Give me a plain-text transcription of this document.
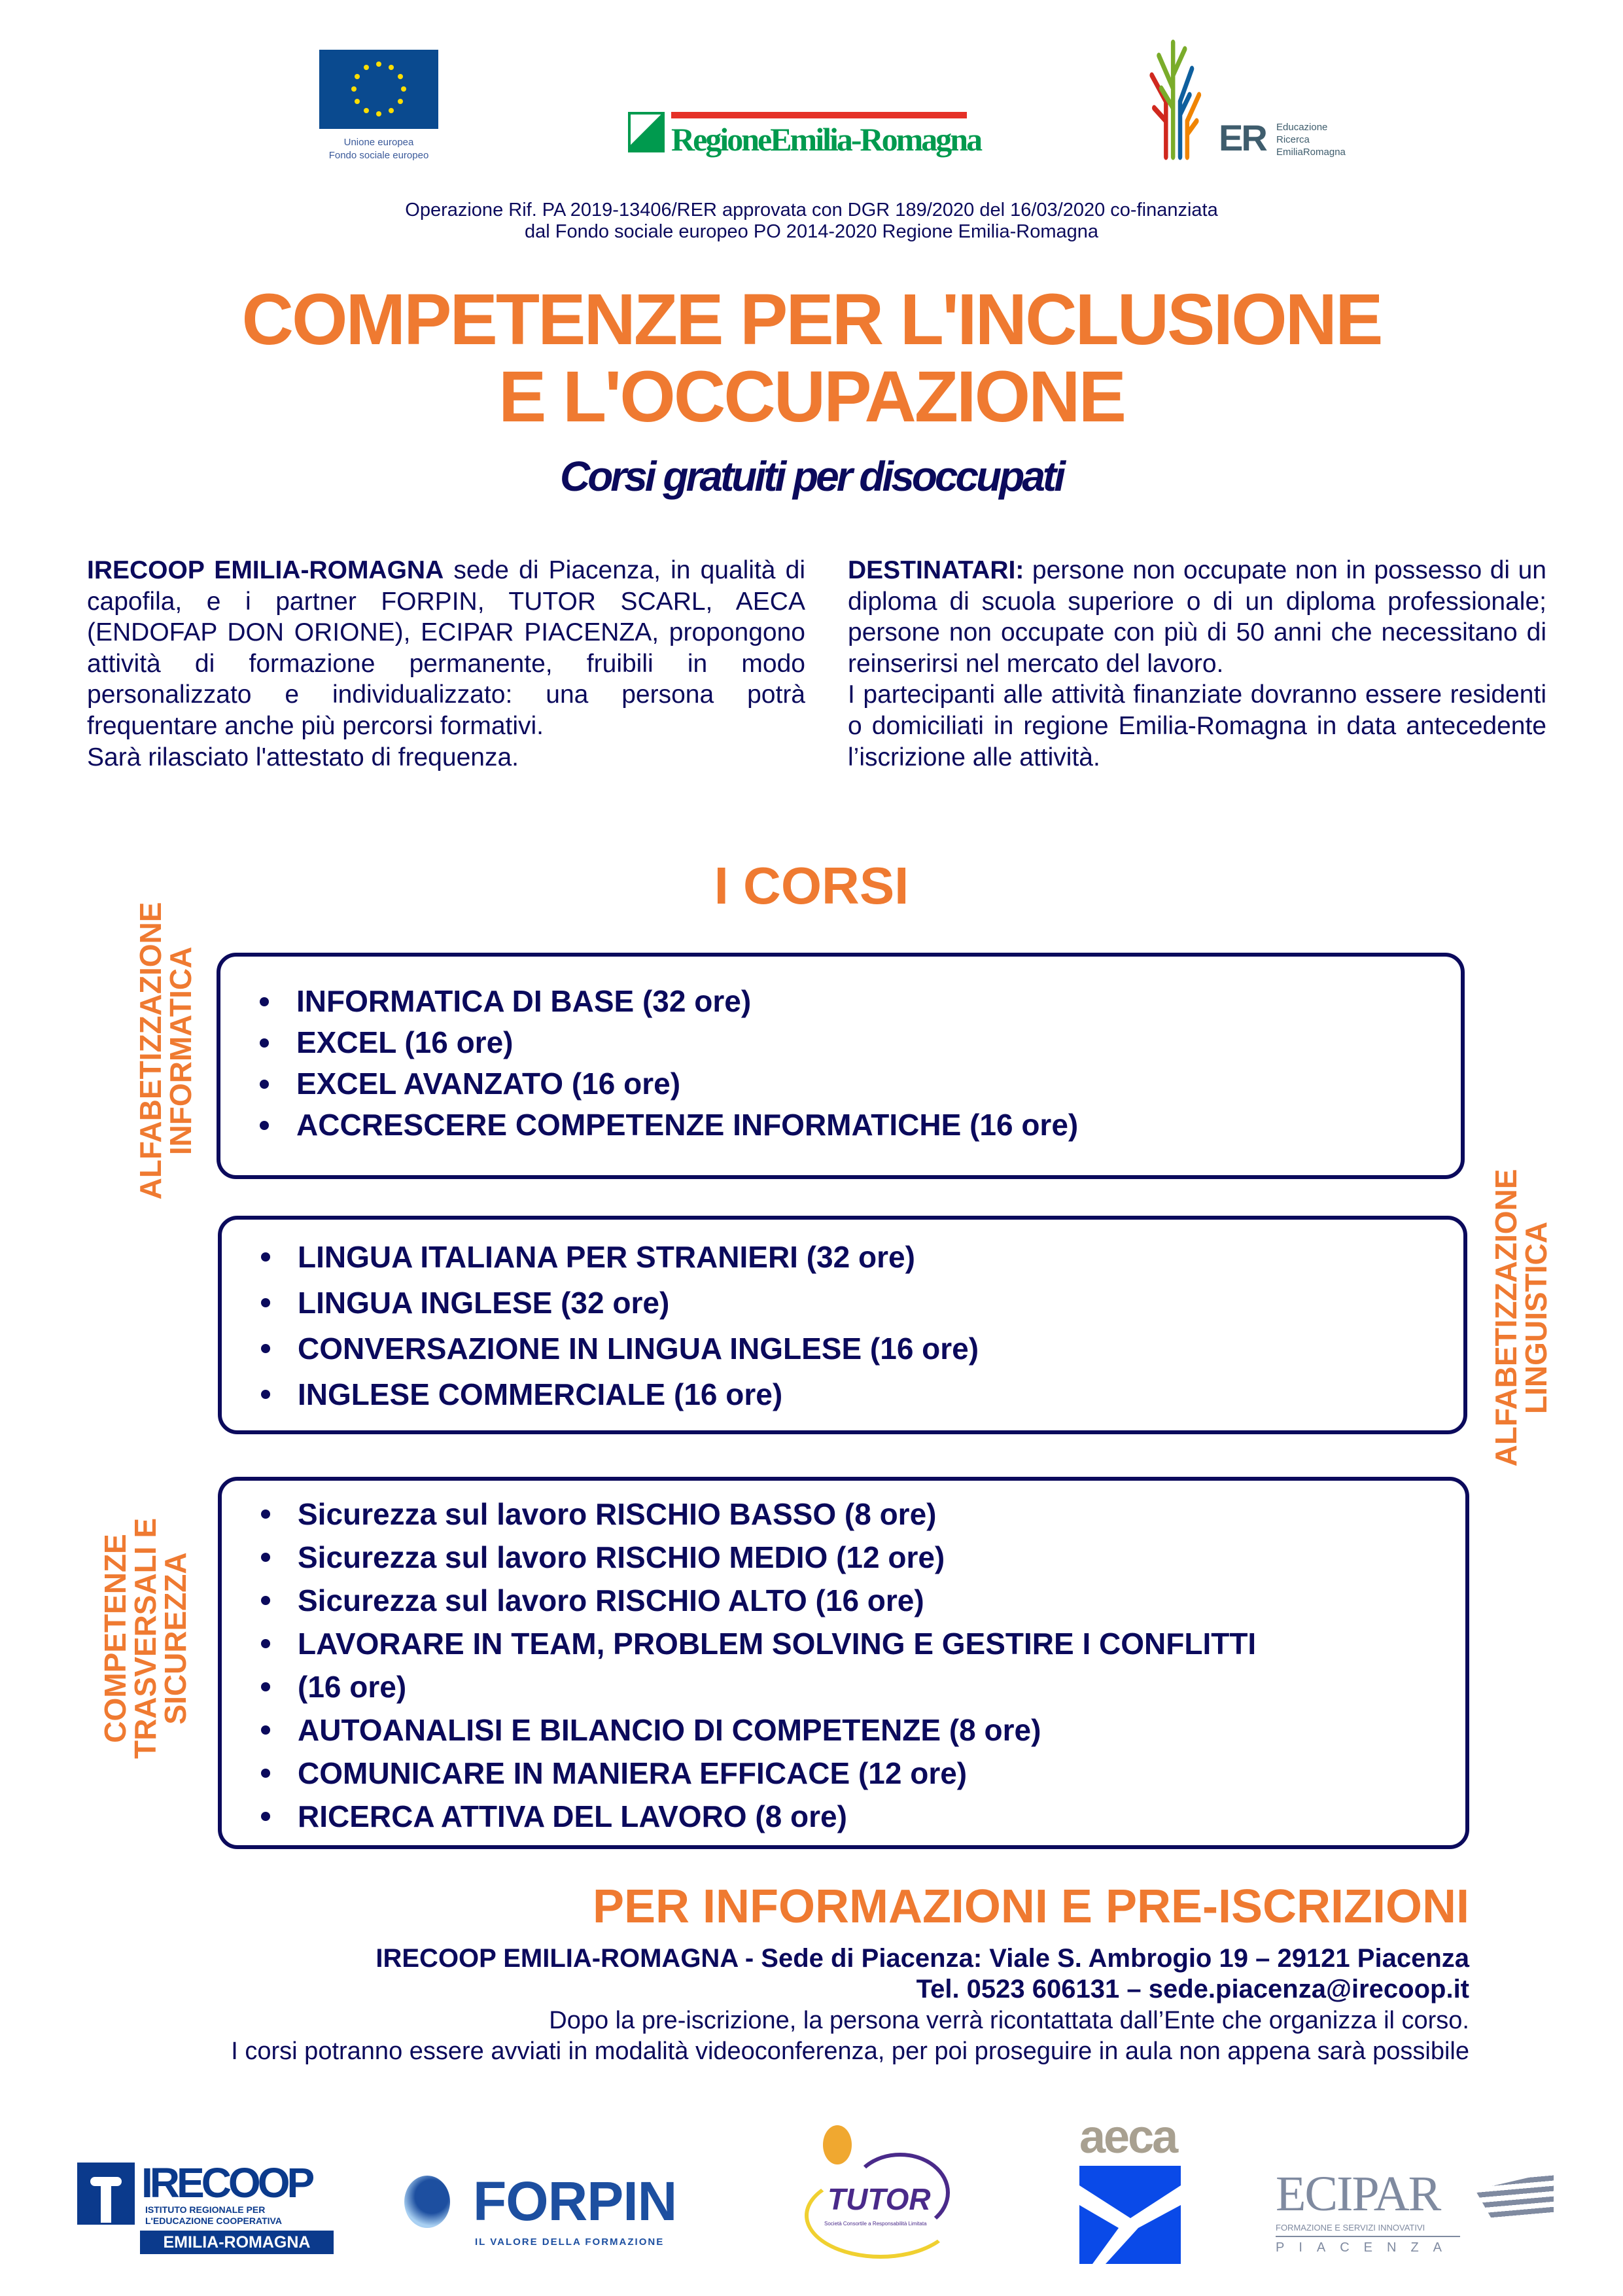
Unione europea
Fondo sociale europeo	RegioneEmilia-Romagna	ER Educazione
Ricerca
EmiliaRomagna
Operazione Rif. PA 2019-13406/RER approvata con DGR 189/2020 del 16/03/2020 co-finanziata
dal Fondo sociale europeo PO 2014-2020 Regione Emilia-Romagna
COMPETENZE PER L'INCLUSIONE
E L'OCCUPAZIONE
Corsi gratuiti per disoccupati

IRECOOP EMILIA-ROMAGNA sede di Piacenza, in qualità di capofila, e i partner FORPIN, TUTOR SCARL, AECA (ENDOFAP DON ORIONE), ECIPAR PIACENZA, propongono attività di formazione permanente, fruibili in modo personalizzato e individualizzato: una persona potrà frequentare anche più percorsi formativi.

Sarà rilasciato l'attestato di frequenza.

DESTINATARI: persone non occupate non in possesso di un diploma di scuola superiore o di un diploma professionale; persone non occupate con più di 50 anni che necessitano di reinserirsi nel mercato del lavoro.

I partecipanti alle attività finanziate dovranno essere residenti o domiciliati in regione Emilia-Romagna in data antecedente l’iscrizione alle attività.

I CORSI
INFORMATICA DI BASE (32 ore)
EXCEL (16 ore)
EXCEL AVANZATO (16 ore)
ACCRESCERE COMPETENZE INFORMATICHE (16 ore)
ALFABETIZZAZIONE
INFORMATICA
LINGUA ITALIANA PER STRANIERI (32 ore)
LINGUA INGLESE (32 ore)
CONVERSAZIONE IN LINGUA INGLESE (16 ore)
INGLESE COMMERCIALE (16 ore)	ALFABETIZZAZIONE
LINGUISTICA
Sicurezza sul lavoro RISCHIO BASSO (8 ore)
Sicurezza sul lavoro RISCHIO MEDIO (12 ore)
Sicurezza sul lavoro RISCHIO ALTO (16 ore)
LAVORARE IN TEAM, PROBLEM SOLVING E GESTIRE I CONFLITTI
(16 ore)
AUTOANALISI E BILANCIO DI COMPETENZE (8 ore)
COMUNICARE IN MANIERA EFFICACE (12 ore)
RICERCA ATTIVA DEL LAVORO (8 ore)
COMPETENZE
TRASVERSALI E
SICUREZZA
PER INFORMAZIONI E PRE-ISCRIZIONI
IRECOOP EMILIA-ROMAGNA - Sede di Piacenza: Viale S. Ambrogio 19 – 29121 Piacenza
Tel. 0523 606131 – sede.piacenza@irecoop.it
Dopo la pre-iscrizione, la persona verrà ricontattata dall’Ente che organizza il corso.
I corsi potranno essere avviati in modalità videoconferenza, per poi proseguire in aula non appena sarà possibile
IRECOOP
ISTITUTO REGIONALE PER
L'EDUCAZIONE COOPERATIVA
EMILIA-ROMAGNA
FORPIN
IL VALORE DELLA FORMAZIONE
TUTOR
Società Consortile a Responsabilità Limitata
aeca
ECIPAR
FORMAZIONE E SERVIZI INNOVATIVI
PIACENZA
